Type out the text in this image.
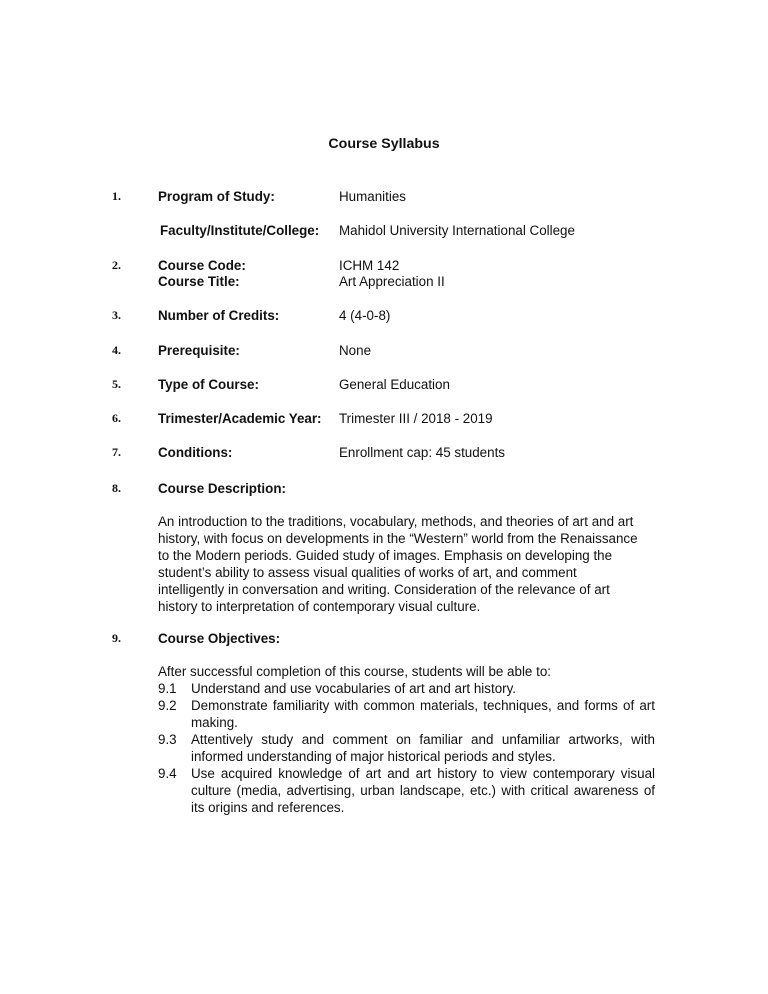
Course Syllabus
1.	Program of Study:	Humanities
Faculty/Institute/College: Mahidol University International College
2.	Course Code:	ICHM 142
Course Title:	Art Appreciation II
3.	Number of Credits:	4 (4-0-8)
4.	Prerequisite:	None
5.	Type of Course:	General Education
6.	Trimester/Academic Year: Trimester III / 2018 - 2019
7.	Conditions:	Enrollment cap: 45 students
8.	Course Description:
An introduction to the traditions, vocabulary, methods, and theories of art and art
history, with focus on developments in the “Western” world from the Renaissance
to the Modern periods. Guided study of images. Emphasis on developing the
student’s ability to assess visual qualities of works of art, and comment
intelligently in conversation and writing. Consideration of the relevance of art
history to interpretation of contemporary visual culture.
9.	Course Objectives:
After successful completion of this course, students will be able to:
9.1 Understand and use vocabularies of art and art history.
9.2 Demonstrate familiarity with common materials, techniques, and forms of art making.
9.3 Attentively study and comment on familiar and unfamiliar artworks, with informed understanding of major historical periods and styles.
9.4 Use acquired knowledge of art and art history to view contemporary visual culture (media, advertising, urban landscape, etc.) with critical awareness of its origins and references.
